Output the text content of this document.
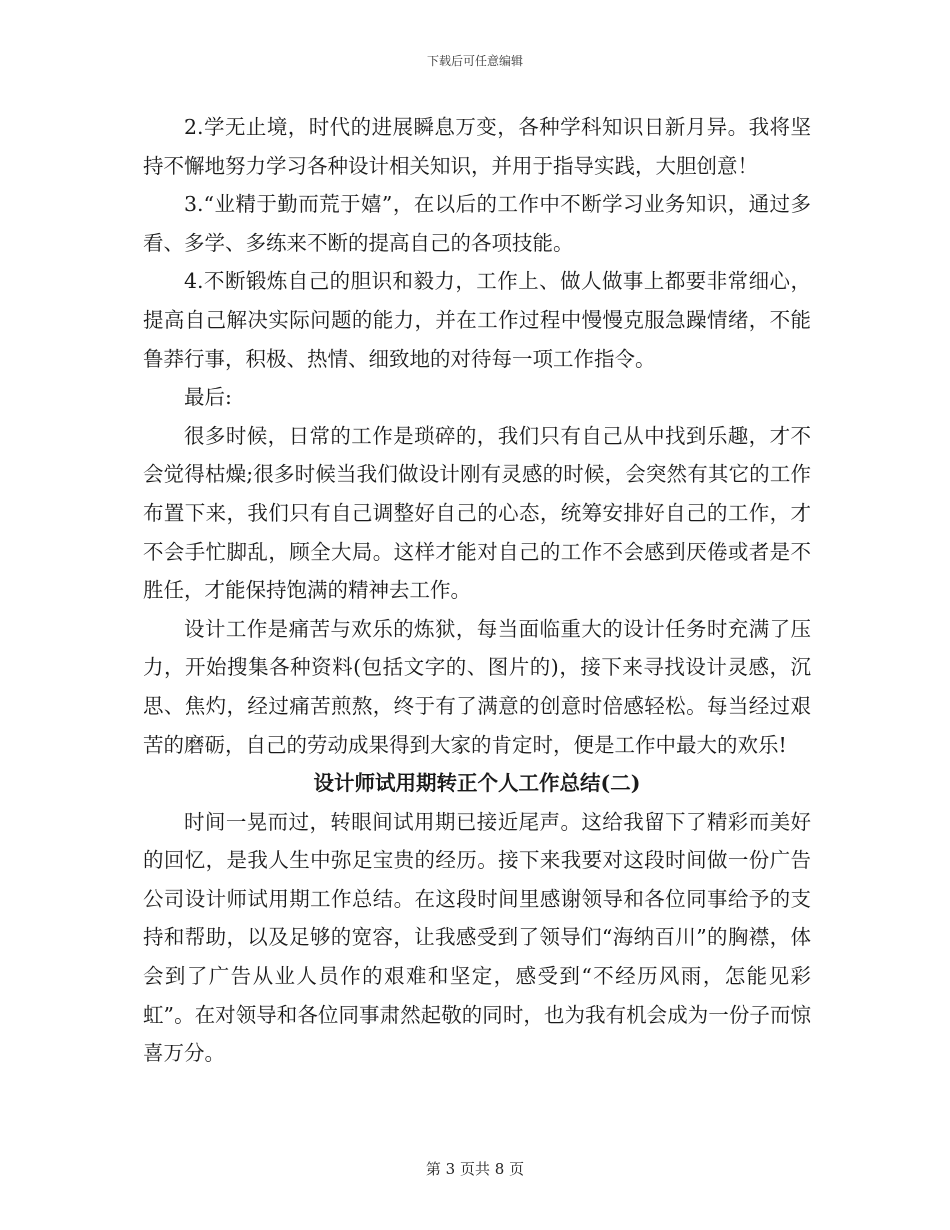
下载后可任意编辑

2.学无止境，时代的进展瞬息万变，各种学科知识日新月异。我将坚持不懈地努力学习各种设计相关知识，并用于指导实践，大胆创意！

3.“业精于勤而荒于嬉”，在以后的工作中不断学习业务知识，通过多看、多学、多练来不断的提高自己的各项技能。

4.不断锻炼自己的胆识和毅力，工作上、做人做事上都要非常细心，提高自己解决实际问题的能力，并在工作过程中慢慢克服急躁情绪，不能鲁莽行事，积极、热情、细致地的对待每一项工作指令。

最后:

很多时候，日常的工作是琐碎的，我们只有自己从中找到乐趣，才不会觉得枯燥;很多时候当我们做设计刚有灵感的时候，会突然有其它的工作布置下来，我们只有自己调整好自己的心态，统筹安排好自己的工作，才不会手忙脚乱，顾全大局。这样才能对自己的工作不会感到厌倦或者是不胜任，才能保持饱满的精神去工作。

设计工作是痛苦与欢乐的炼狱，每当面临重大的设计任务时充满了压力，开始搜集各种资料(包括文字的、图片的)，接下来寻找设计灵感，沉思、焦灼，经过痛苦煎熬，终于有了满意的创意时倍感轻松。每当经过艰苦的磨砺，自己的劳动成果得到大家的肯定时，便是工作中最大的欢乐!

设计师试用期转正个人工作总结(二)

时间一晃而过，转眼间试用期已接近尾声。这给我留下了精彩而美好的回忆，是我人生中弥足宝贵的经历。接下来我要对这段时间做一份广告公司设计师试用期工作总结。在这段时间里感谢领导和各位同事给予的支持和帮助，以及足够的宽容，让我感受到了领导们“海纳百川”的胸襟，体会到了广告从业人员作的艰难和坚定，感受到“不经历风雨，怎能见彩虹”。在对领导和各位同事肃然起敬的同时，也为我有机会成为一份子而惊喜万分。

第 3 页共 8 页
